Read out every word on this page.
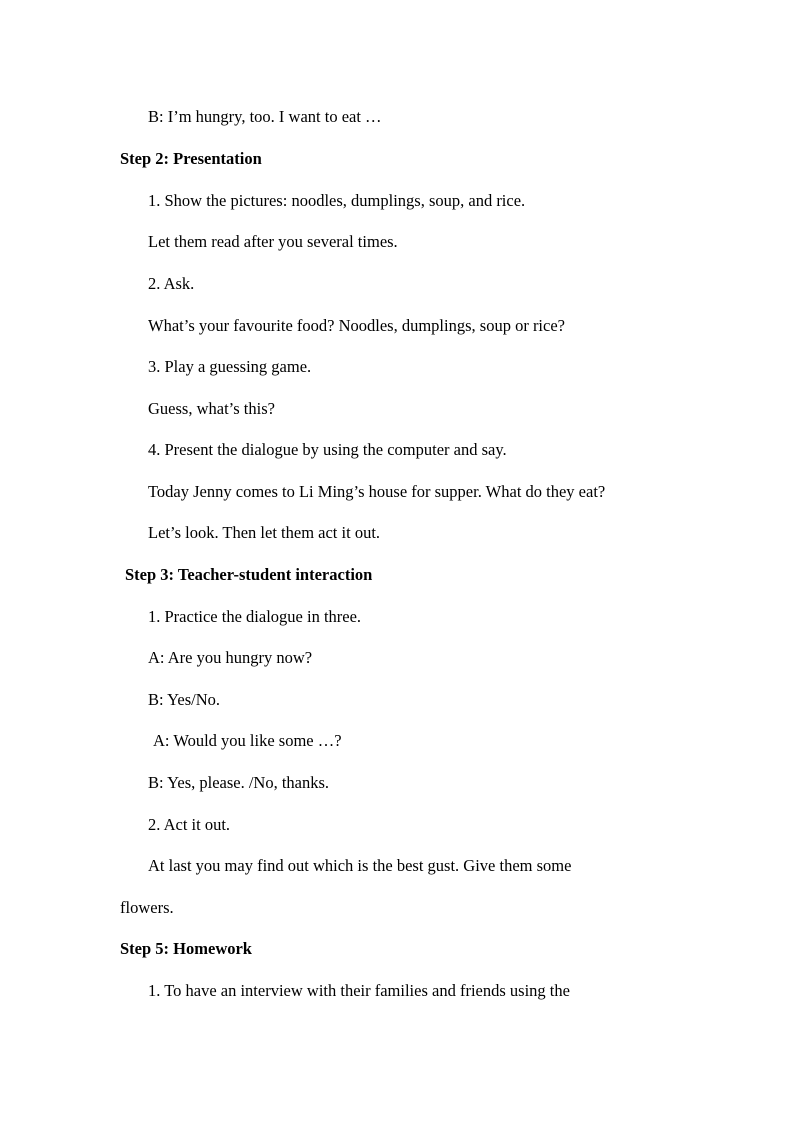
B: I’m hungry, too. I want to eat …
Step 2: Presentation
1. Show the pictures: noodles, dumplings, soup, and rice.
Let them read after you several times.
2. Ask.
What’s your favourite food? Noodles, dumplings, soup or rice?
3. Play a guessing game.
Guess, what’s this?
4. Present the dialogue by using the computer and say.
Today Jenny comes to Li Ming’s house for supper. What do they eat?
Let’s look. Then let them act it out.
Step 3: Teacher-student interaction
1. Practice the dialogue in three.
A: Are you hungry now?
B: Yes/No.
A: Would you like some …?
B: Yes, please. /No, thanks.
2. Act it out.
At last you may find out which is the best gust. Give them some
flowers.
Step 5: Homework
1. To have an interview with their families and friends using the
